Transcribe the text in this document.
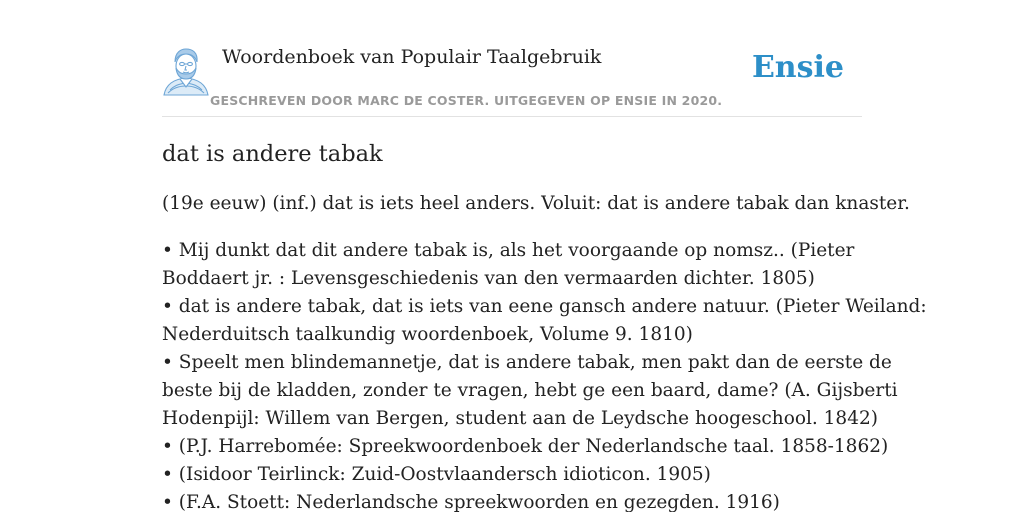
Woordenboek van Populair Taalgebruik
GESCHREVEN DOOR MARC DE COSTER. UITGEGEVEN OP ENSIE IN 2020.
Ensie
dat is andere tabak

(19e eeuw) (inf.) dat is iets heel anders. Voluit: dat is andere tabak dan knaster.

• Mij dunkt dat dit andere tabak is, als het voorgaande op nomsz.. (Pieter
Boddaert jr. : Levensgeschiedenis van den vermaarden dichter. 1805)
• dat is andere tabak, dat is iets van eene gansch andere natuur. (Pieter Weiland:
Nederduitsch taalkundig woordenboek, Volume 9. 1810)
• Speelt men blindemannetje, dat is andere tabak, men pakt dan de eerste de
beste bij de kladden, zonder te vragen, hebt ge een baard, dame? (A. Gijsberti
Hodenpijl: Willem van Bergen, student aan de Leydsche hoogeschool. 1842)
• (P.J. Harrebomée: Spreekwoordenboek der Nederlandsche taal. 1858-1862)
• (Isidoor Teirlinck: Zuid-Oostvlaandersch idioticon. 1905)
• (F.A. Stoett: Nederlandsche spreekwoorden en gezegden. 1916)
